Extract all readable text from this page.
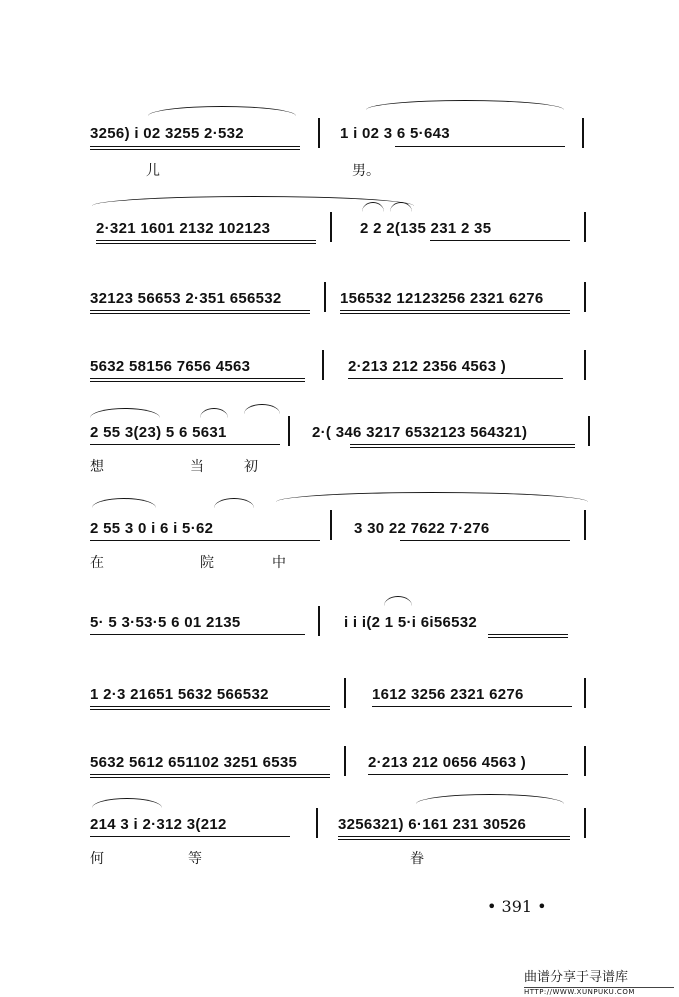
3256) i 02 3255 2·532	1 i 02 3 6 5·643
儿	男。
2·321 1601 2132 102123	2 2 2(135 231 2 35
32123 56653 2·351 656532	156532 12123256 2321 6276
5632 58156 7656 4563	2·213 212 2356 4563 )
2 55 3(23) 5 6 5631	2·( 346 3217 6532123 564321)
想	当	初
2 55 3 0 i 6 i 5·62	3 30 22 7622 7·276
在	院	中
5· 5 3·53·5 6 01 2135	i i i(2 1 5·i 6i56532
1 2·3 21651 5632 566532	1612 3256 2321 6276
5632 5612 651102 3251 6535	2·213 212 0656 4563 )
214 3 i 2·312 3(212	3256321) 6·161 231 30526
何	等	眷
• 391 •
曲谱分享于寻谱库
HTTP://WWW.XUNPUKU.COM
